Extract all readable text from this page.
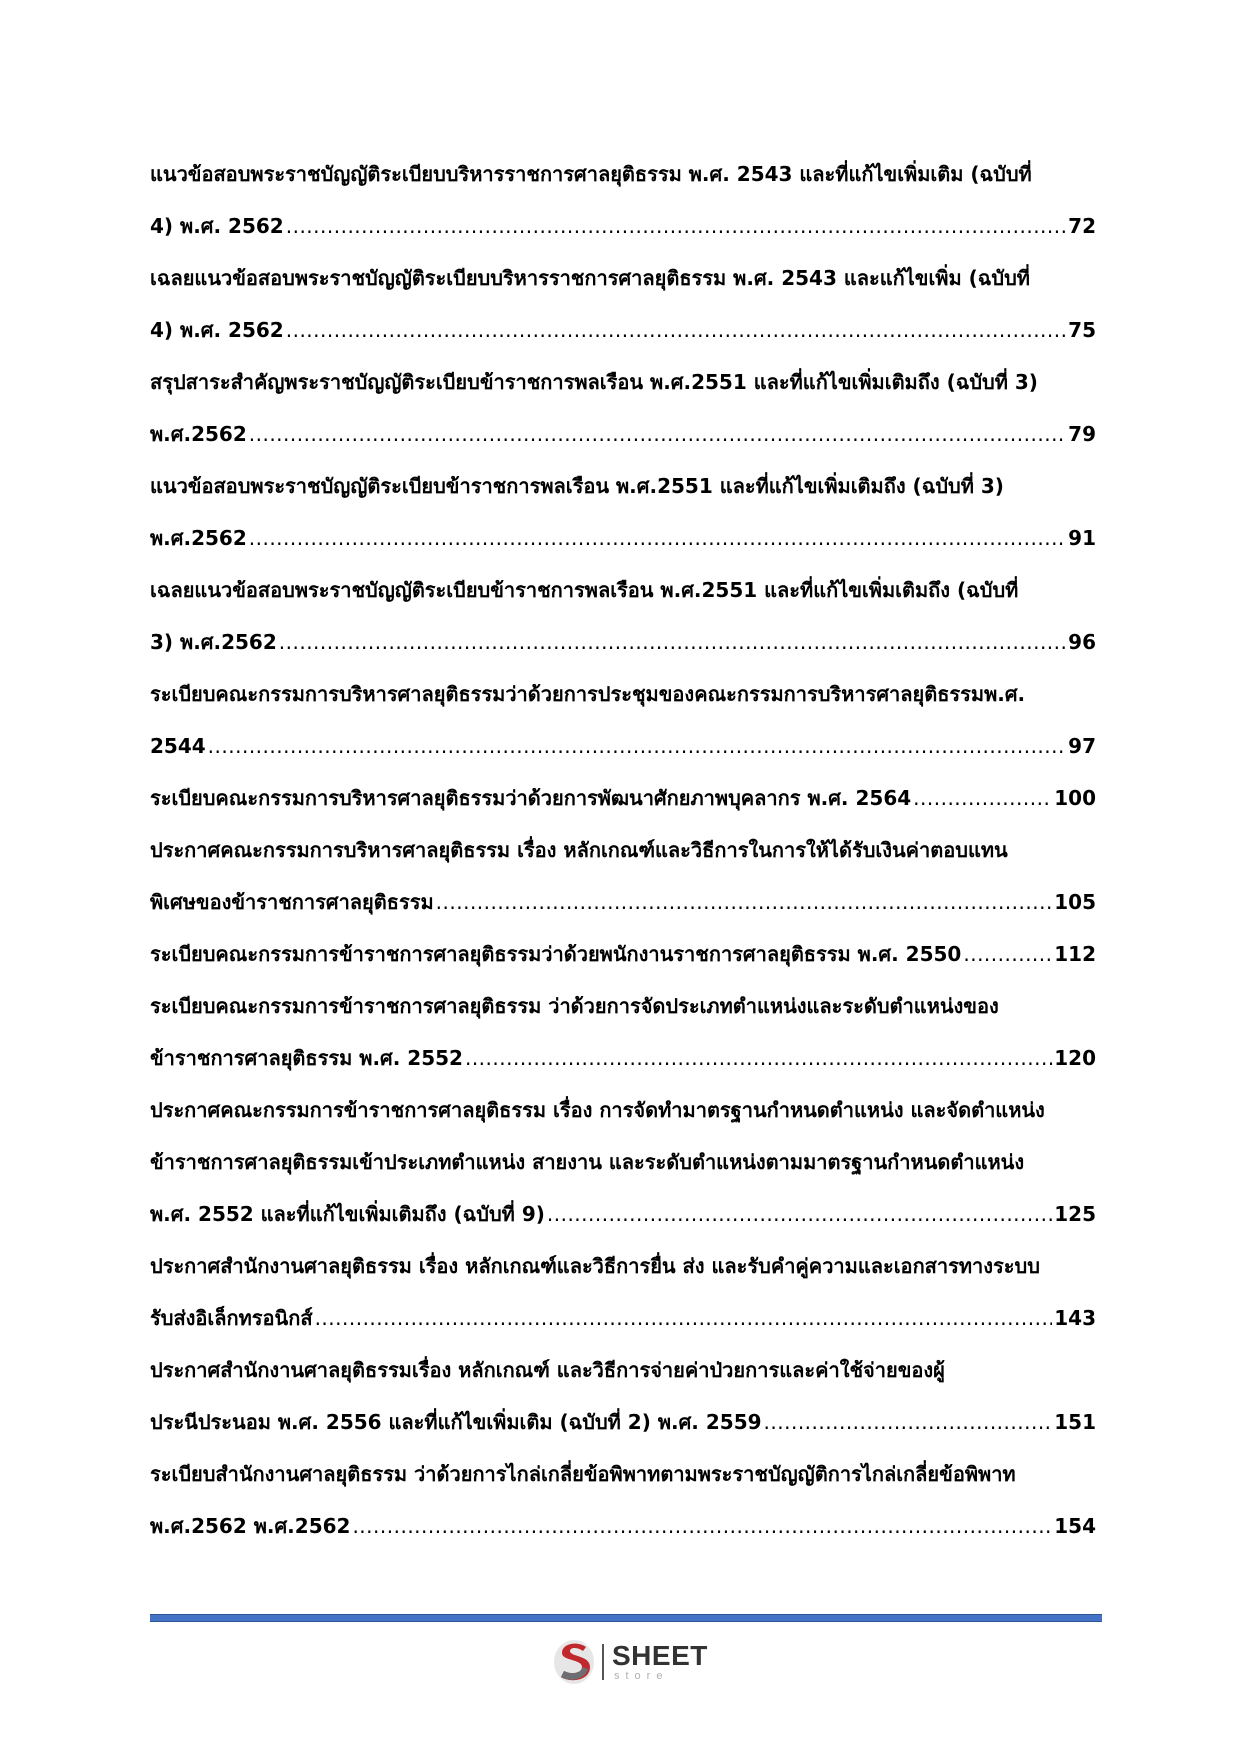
แนวข้อสอบพระราชบัญญัติระเบียบบริหารราชการศาลยุติธรรม พ.ศ. 2543 และที่แก้ไขเพิ่มเติม (ฉบับที่
4) พ.ศ. 2562 .....	72
เฉลยแนวข้อสอบพระราชบัญญัติระเบียบบริหารราชการศาลยุติธรรม พ.ศ. 2543 และแก้ไขเพิ่ม (ฉบับที่
4) พ.ศ. 2562 .....	75
สรุปสาระสำคัญพระราชบัญญัติระเบียบข้าราชการพลเรือน พ.ศ.2551 และที่แก้ไขเพิ่มเติมถึง (ฉบับที่ 3)
พ.ศ.2562 .....	79
แนวข้อสอบพระราชบัญญัติระเบียบข้าราชการพลเรือน พ.ศ.2551 และที่แก้ไขเพิ่มเติมถึง (ฉบับที่ 3)
พ.ศ.2562 .....	91
เฉลยแนวข้อสอบพระราชบัญญัติระเบียบข้าราชการพลเรือน พ.ศ.2551 และที่แก้ไขเพิ่มเติมถึง (ฉบับที่
3) พ.ศ.2562 .....	96
ระเบียบคณะกรรมการบริหารศาลยุติธรรมว่าด้วยการประชุมของคณะกรรมการบริหารศาลยุติธรรมพ.ศ.
2544 .....	97
ระเบียบคณะกรรมการบริหารศาลยุติธรรมว่าด้วยการพัฒนาศักยภาพบุคลากร พ.ศ. 2564 .....	100
ประกาศคณะกรรมการบริหารศาลยุติธรรม เรื่อง หลักเกณฑ์และวิธีการในการให้ได้รับเงินค่าตอบแทน
พิเศษของข้าราชการศาลยุติธรรม .....	105
ระเบียบคณะกรรมการข้าราชการศาลยุติธรรมว่าด้วยพนักงานราชการศาลยุติธรรม พ.ศ. 2550 .....	112
ระเบียบคณะกรรมการข้าราชการศาลยุติธรรม ว่าด้วยการจัดประเภทตำแหน่งและระดับตำแหน่งของ
ข้าราชการศาลยุติธรรม พ.ศ. 2552 .....	120
ประกาศคณะกรรมการข้าราชการศาลยุติธรรม เรื่อง การจัดทำมาตรฐานกำหนดตำแหน่ง และจัดตำแหน่ง
ข้าราชการศาลยุติธรรมเข้าประเภทตำแหน่ง สายงาน และระดับตำแหน่งตามมาตรฐานกำหนดตำแหน่ง
พ.ศ. 2552 และที่แก้ไขเพิ่มเติมถึง (ฉบับที่ 9) .....	125
ประกาศสำนักงานศาลยุติธรรม เรื่อง หลักเกณฑ์และวิธีการยื่น ส่ง และรับคำคู่ความและเอกสารทางระบบ
รับส่งอิเล็กทรอนิกส์ .....	143
ประกาศสำนักงานศาลยุติธรรมเรื่อง หลักเกณฑ์ และวิธีการจ่ายค่าป่วยการและค่าใช้จ่ายของผู้
ประนีประนอม พ.ศ. 2556 และที่แก้ไขเพิ่มเติม (ฉบับที่ 2) พ.ศ. 2559 .....	151
ระเบียบสำนักงานศาลยุติธรรม ว่าด้วยการไกล่เกลี่ยข้อพิพาทตามพระราชบัญญัติการไกล่เกลี่ยข้อพิพาท
พ.ศ.2562 พ.ศ.2562 .....	154
SHEET
store
